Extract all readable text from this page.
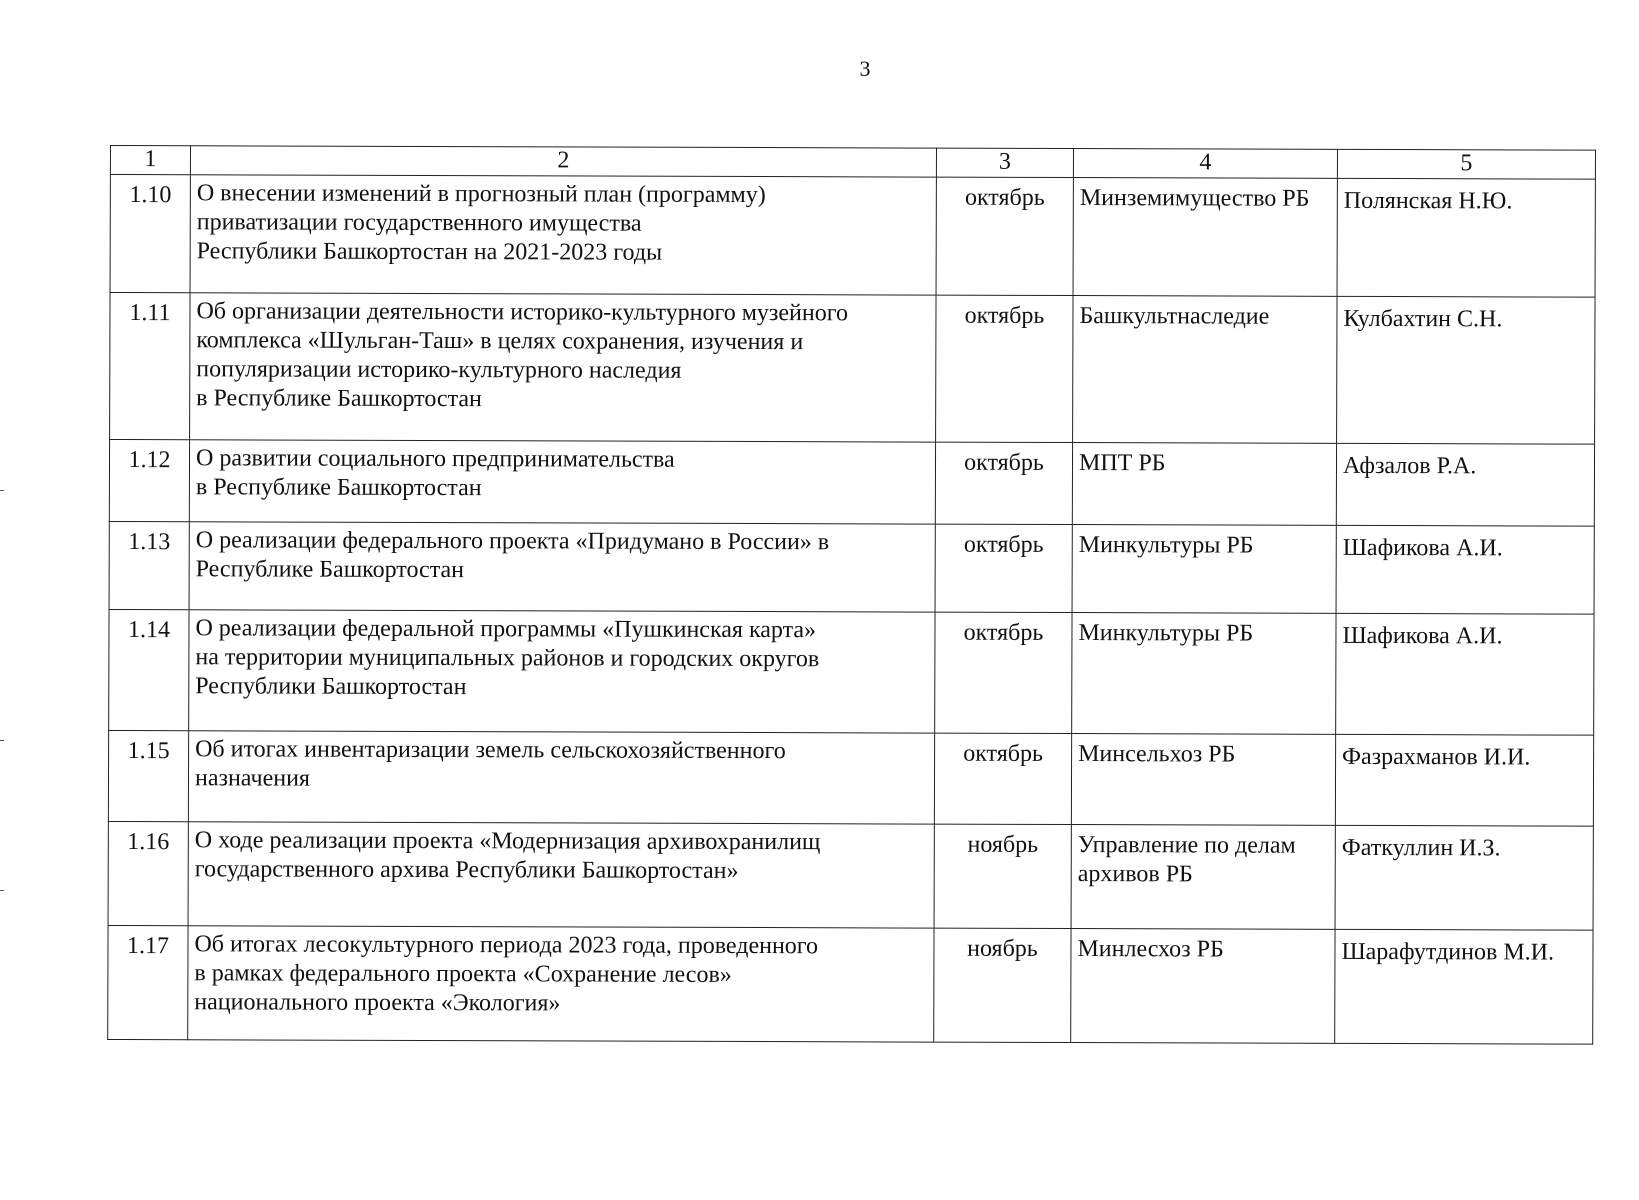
3
1	2	3	4	5
1.10	О внесении изменений в прогнозный план (программу)
приватизации государственного имущества
Республики Башкортостан на 2021-2023 годы	октябрь	Минземимущество РБ	Полянская Н.Ю.
1.11	Об организации деятельности историко-культурного музейного
комплекса «Шульган-Таш» в целях сохранения, изучения и
популяризации историко-культурного наследия
в Республике Башкортостан	октябрь	Башкультнаследие	Кулбахтин С.Н.
1.12	О развитии социального предпринимательства
в Республике Башкортостан	октябрь	МПТ РБ	Афзалов Р.А.
1.13	О реализации федерального проекта «Придумано в России» в
Республике Башкортостан	октябрь	Минкультуры РБ	Шафикова А.И.
1.14	О реализации федеральной программы «Пушкинская карта»
на территории муниципальных районов и городских округов
Республики Башкортостан	октябрь	Минкультуры РБ	Шафикова А.И.
1.15	Об итогах инвентаризации земель сельскохозяйственного
назначения	октябрь	Минсельхоз РБ	Фазрахманов И.И.
1.16	О ходе реализации проекта «Модернизация архивохранилищ
государственного архива Республики Башкортостан»	ноябрь	Управление по делам
архивов РБ	Фаткуллин И.З.
1.17	Об итогах лесокультурного периода 2023 года, проведенного
в рамках федерального проекта «Сохранение лесов»
национального проекта «Экология»	ноябрь	Минлесхоз РБ	Шарафутдинов М.И.
